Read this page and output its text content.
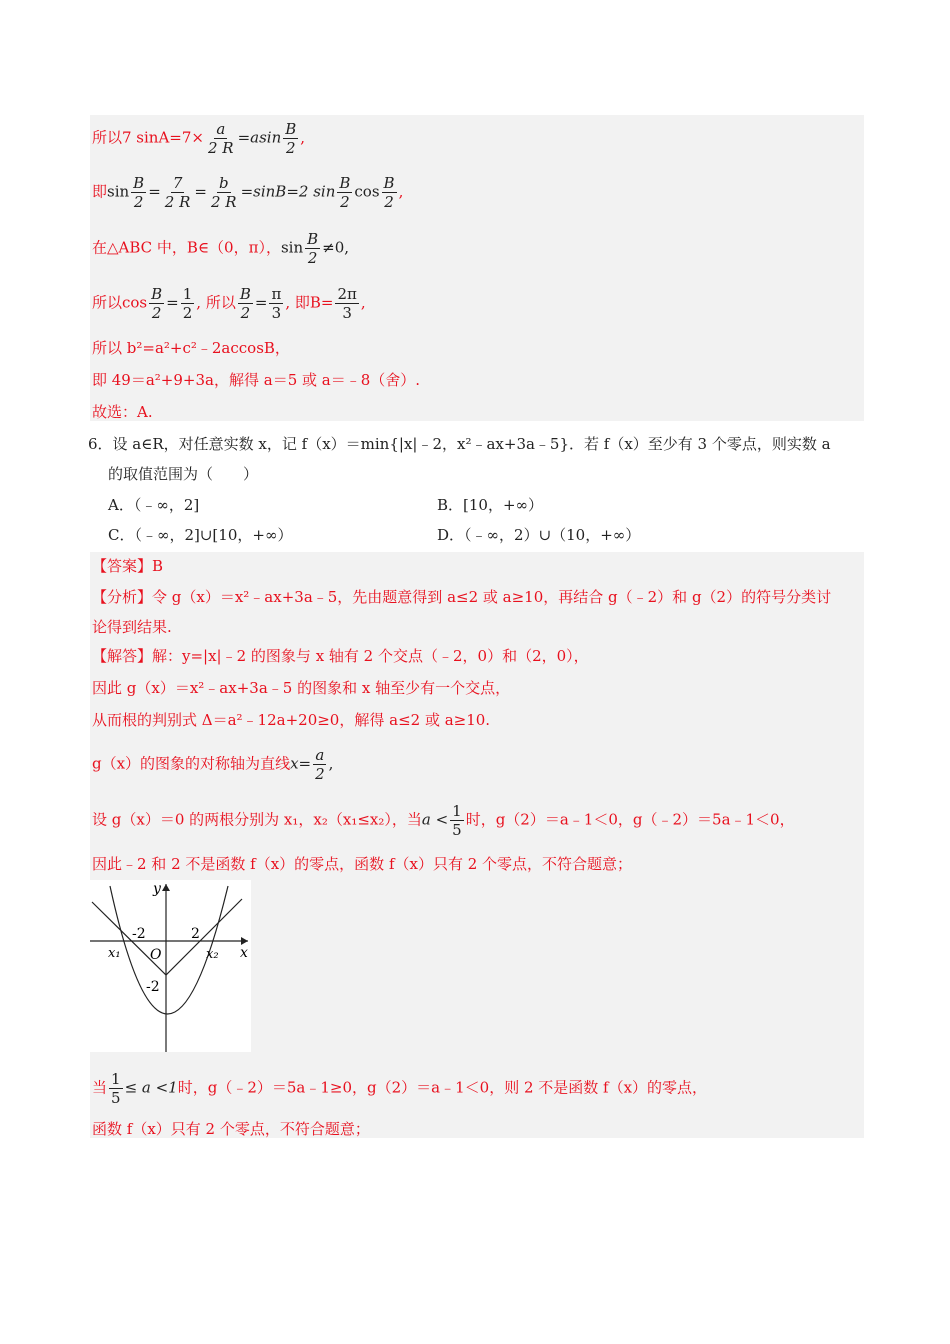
所以7 $\sin A=7\times \frac{a}{2 R} =asin \frac{B}{2}$ ,
即$\sin \frac{B}{2} = \frac{7}{2 R} = \frac{b}{2 R} =\sin B=2$ $\sin \frac{B}{2}$ $\cos \frac{B}{2}$ ,
在△ABC 中，B∈（0，π），$\sin \frac{B}{2} \ne 0$,
所以$\cos \frac{B}{2} = \frac{1}{2}$ , 所以 $\frac{B}{2} = \frac{\pi}{3}$ , 即$B= \frac{2\pi}{3}$ ,
所以 b²=a²+c²﹣2accosB，
即 49＝a²+9+3a，解得 a＝5 或 a＝﹣8（舍）.
故选：A.
6．设 a∈R，对任意实数 x，记 f（x）＝min{|x|﹣2，x²﹣ax+3a﹣5}．若 f（x）至少有 3 个零点，则实数 a
的取值范围为（　　）
A．（﹣∞，2]	B．[10，+∞）
C．（﹣∞，2]∪[10，+∞）	D．（﹣∞，2）∪（10，+∞）
【答案】B
【分析】令 g（x）＝x²﹣ax+3a﹣5，先由题意得到 a≤2 或 a≥10，再结合 g（﹣2）和 g（2）的符号分类讨
论得到结果.
【解答】解：y=|x|﹣2 的图象与 x 轴有 2 个交点（﹣2，0）和（2，0），
因此 g（x）＝x²﹣ax+3a﹣5 的图象和 x 轴至少有一个交点，
从而根的判别式 Δ＝a²﹣12a+20≥0，解得 a≤2 或 a≥10.
g（x）的图象的对称轴为直线$x= \frac{a}{2}$ ,
设 g（x）＝0 的两根分别为 x₁，x₂（x₁≤x₂），当$a < \frac{1}{5}$ 时，g（2）＝a﹣1＜0，g（﹣2）＝5a﹣1＜0，
因此﹣2 和 2 不是函数 f（x）的零点，函数 f（x）只有 2 个零点，不符合题意；
y
x
O
-2	2
-2
x₁	x₂
当 $\frac{1}{5} \le a <1$时，g（﹣2）＝5a﹣1≥0，g（2）＝a﹣1＜0，则 2 不是函数 f（x）的零点，
函数 f（x）只有 2 个零点，不符合题意；
